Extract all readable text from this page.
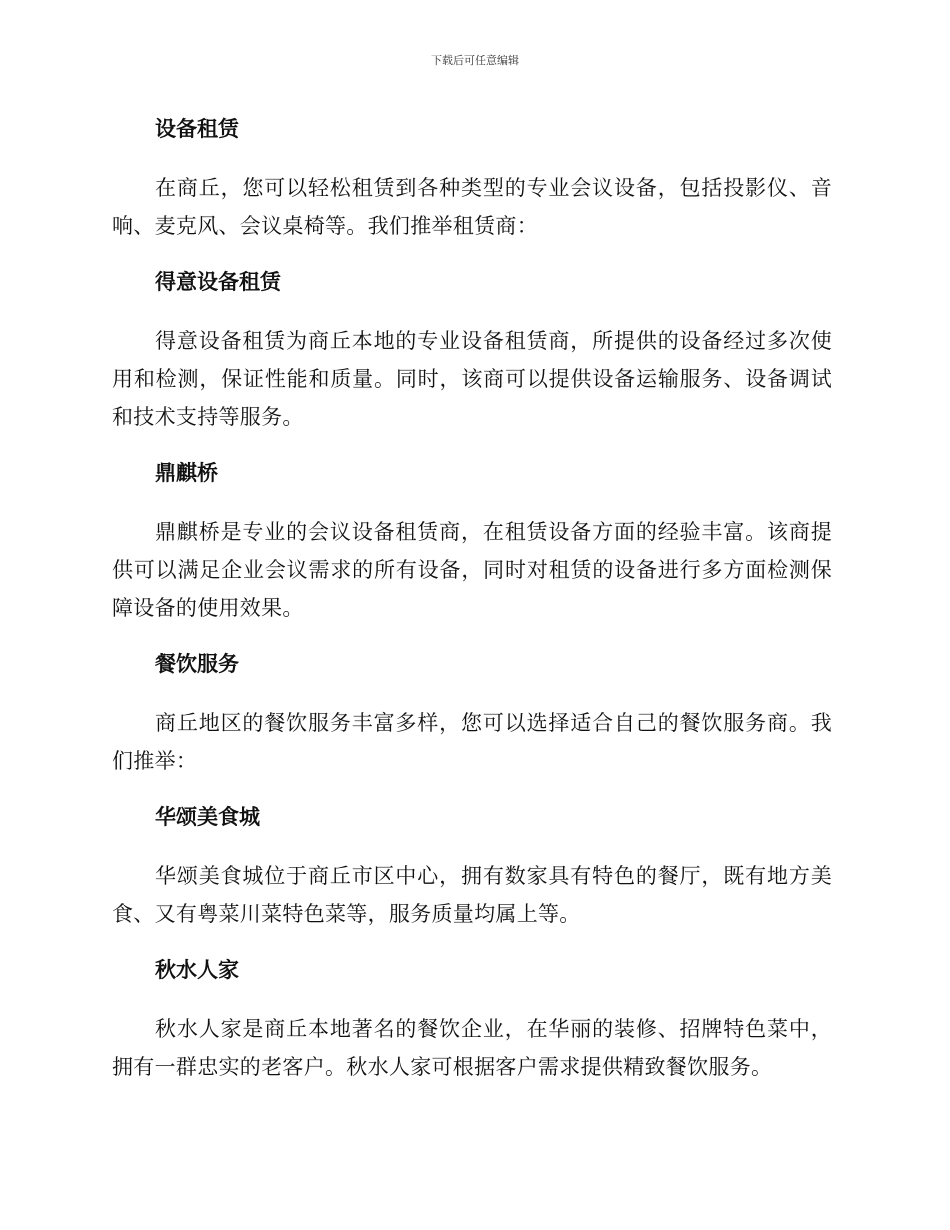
下载后可任意编辑
设备租赁

在商丘，您可以轻松租赁到各种类型的专业会议设备，包括投影仪、音响、麦克风、会议桌椅等。我们推举租赁商：

得意设备租赁

得意设备租赁为商丘本地的专业设备租赁商，所提供的设备经过多次使用和检测，保证性能和质量。同时，该商可以提供设备运输服务、设备调试和技术支持等服务。

鼎麒桥

鼎麒桥是专业的会议设备租赁商，在租赁设备方面的经验丰富。该商提供可以满足企业会议需求的所有设备，同时对租赁的设备进行多方面检测保障设备的使用效果。

餐饮服务

商丘地区的餐饮服务丰富多样，您可以选择适合自己的餐饮服务商。我们推举：

华颂美食城

华颂美食城位于商丘市区中心，拥有数家具有特色的餐厅，既有地方美食、又有粤菜川菜特色菜等，服务质量均属上等。

秋水人家

秋水人家是商丘本地著名的餐饮企业，在华丽的装修、招牌特色菜中，拥有一群忠实的老客户。秋水人家可根据客户需求提供精致餐饮服务。
